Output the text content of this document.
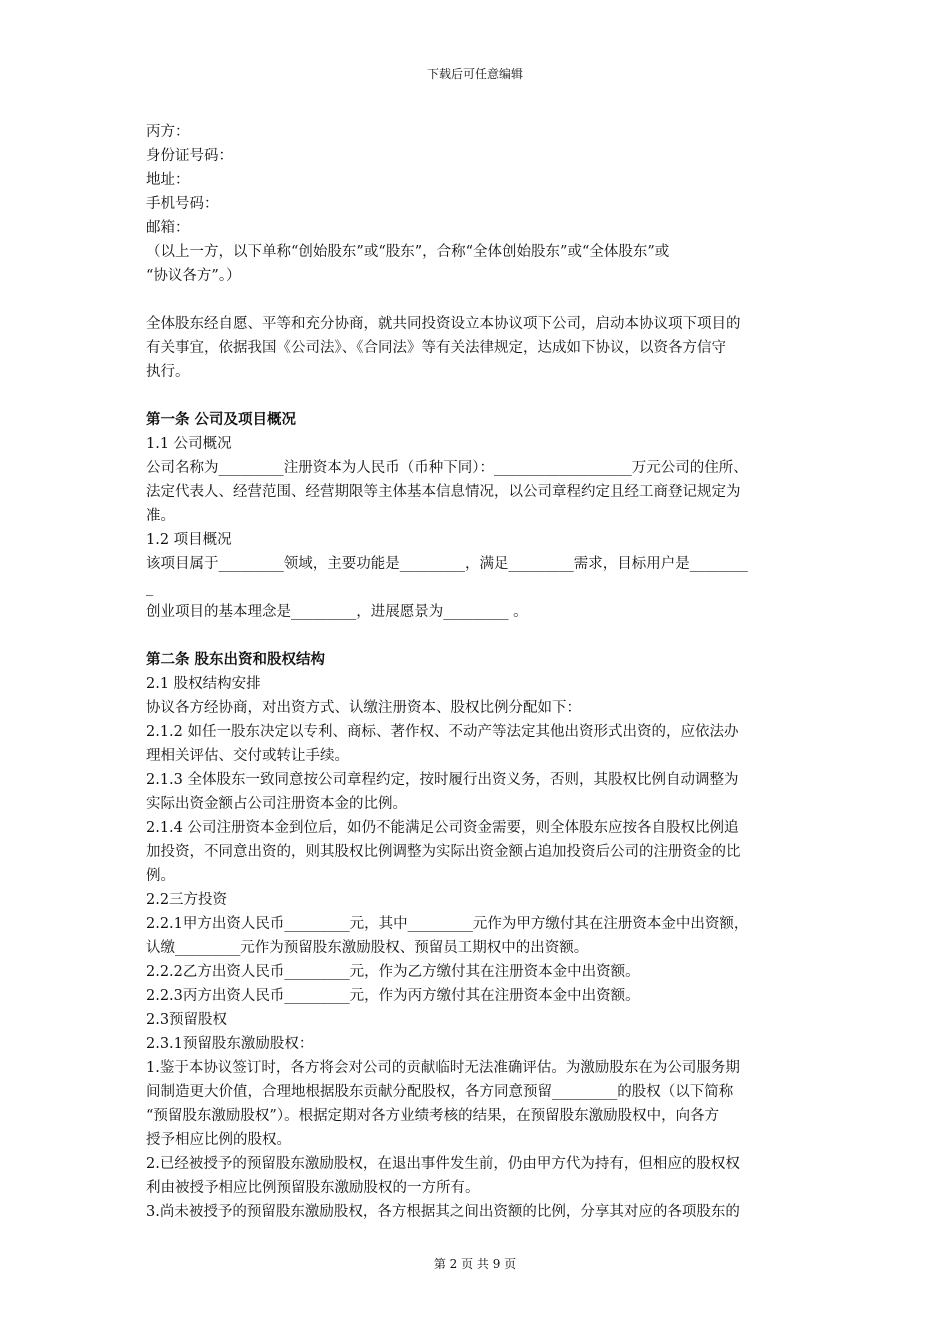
下载后可任意编辑

丙方：

身份证号码：

地址：

手机号码：

邮箱：

（以上一方，以下单称“创始股东”或“股东”，合称“全体创始股东”或“全体股东”或

“协议各方”。）

全体股东经自愿、平等和充分协商，就共同投资设立本协议项下公司，启动本协议项下项目的

有关事宜，依据我国《公司法》、《合同法》等有关法律规定，达成如下协议，以资各方信守

执行。

第一条 公司及项目概况

1.1 公司概况

公司名称为_________注册资本为人民币（币种下同）：___________________万元公司的住所、

法定代表人、经营范围、经营期限等主体基本信息情况，以公司章程约定且经工商登记规定为

准。

1.2 项目概况

该项目属于_________领域，主要功能是_________，满足_________需求，目标用户是________

_

创业项目的基本理念是_________，进展愿景为_________ 。

第二条 股东出资和股权结构

2.1 股权结构安排

协议各方经协商，对出资方式、认缴注册资本、股权比例分配如下：

2.1.2 如任一股东决定以专利、商标、著作权、不动产等法定其他出资形式出资的，应依法办

理相关评估、交付或转让手续。

2.1.3 全体股东一致同意按公司章程约定，按时履行出资义务，否则，其股权比例自动调整为

实际出资金额占公司注册资本金的比例。

2.1.4 公司注册资本金到位后，如仍不能满足公司资金需要，则全体股东应按各自股权比例追

加投资，不同意出资的，则其股权比例调整为实际出资金额占追加投资后公司的注册资金的比

例。

2.2三方投资

2.2.1甲方出资人民币_________元，其中_________元作为甲方缴付其在注册资本金中出资额，

认缴_________元作为预留股东激励股权、预留员工期权中的出资额。

2.2.2乙方出资人民币_________元，作为乙方缴付其在注册资本金中出资额。

2.2.3丙方出资人民币_________元，作为丙方缴付其在注册资本金中出资额。

2.3预留股权

2.3.1预留股东激励股权：

1.鉴于本协议签订时，各方将会对公司的贡献临时无法准确评估。为激励股东在为公司服务期

间制造更大价值，合理地根据股东贡献分配股权，各方同意预留_________的股权（以下简称

“预留股东激励股权”）。根据定期对各方业绩考核的结果，在预留股东激励股权中，向各方

授予相应比例的股权。

2.已经被授予的预留股东激励股权，在退出事件发生前，仍由甲方代为持有，但相应的股权权

利由被授予相应比例预留股东激励股权的一方所有。

3.尚未被授予的预留股东激励股权，各方根据其之间出资额的比例，分享其对应的各项股东的

第 2 页 共 9 页
